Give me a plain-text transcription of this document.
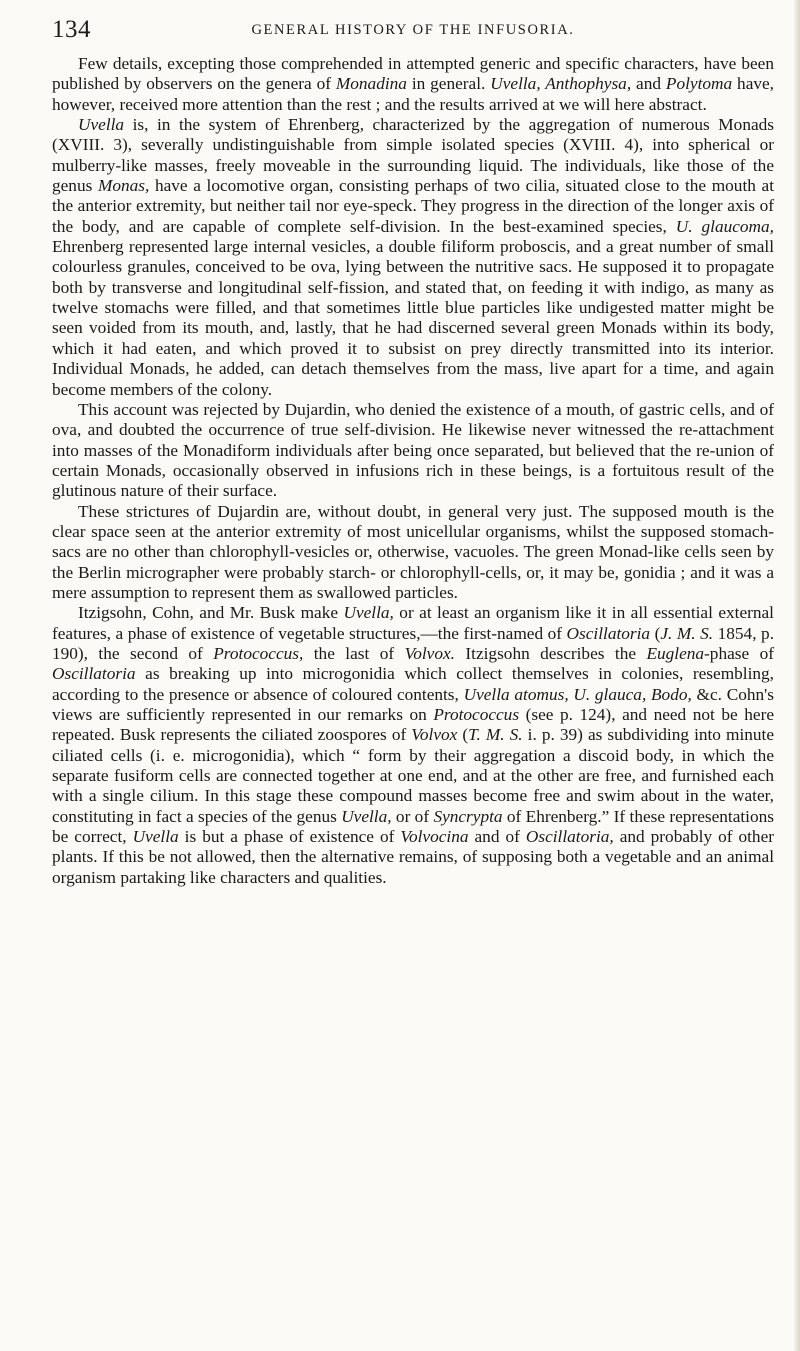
134	GENERAL HISTORY OF THE INFUSORIA.

Few details, excepting those comprehended in attempted generic and specific characters, have been published by observers on the genera of Monadina in general. Uvella, Anthophysa, and Polytoma have, however, received more attention than the rest ; and the results arrived at we will here abstract.

Uvella is, in the system of Ehrenberg, characterized by the aggregation of numerous Monads (XVIII. 3), severally undistinguishable from simple isolated species (XVIII. 4), into spherical or mulberry-like masses, freely moveable in the surrounding liquid. The individuals, like those of the genus Monas, have a locomotive organ, consisting perhaps of two cilia, situated close to the mouth at the anterior extremity, but neither tail nor eye-speck. They progress in the direction of the longer axis of the body, and are capable of complete self-division. In the best-examined species, U. glaucoma, Ehrenberg represented large internal vesicles, a double filiform proboscis, and a great number of small colourless granules, conceived to be ova, lying between the nutritive sacs. He supposed it to propagate both by transverse and longitudinal self-fission, and stated that, on feeding it with indigo, as many as twelve stomachs were filled, and that sometimes little blue particles like undigested matter might be seen voided from its mouth, and, lastly, that he had discerned several green Monads within its body, which it had eaten, and which proved it to subsist on prey directly transmitted into its interior. Individual Monads, he added, can detach themselves from the mass, live apart for a time, and again become members of the colony.

This account was rejected by Dujardin, who denied the existence of a mouth, of gastric cells, and of ova, and doubted the occurrence of true self-division. He likewise never witnessed the re-attachment into masses of the Monadiform individuals after being once separated, but believed that the re-union of certain Monads, occasionally observed in infusions rich in these beings, is a fortuitous result of the glutinous nature of their surface.

These strictures of Dujardin are, without doubt, in general very just. The supposed mouth is the clear space seen at the anterior extremity of most unicellular organisms, whilst the supposed stomach-sacs are no other than chlorophyll-vesicles or, otherwise, vacuoles. The green Monad-like cells seen by the Berlin micrographer were probably starch- or chlorophyll-cells, or, it may be, gonidia ; and it was a mere assumption to represent them as swallowed particles.

Itzigsohn, Cohn, and Mr. Busk make Uvella, or at least an organism like it in all essential external features, a phase of existence of vegetable structures,—the first-named of Oscillatoria (J. M. S. 1854, p. 190), the second of Protococcus, the last of Volvox. Itzigsohn describes the Euglena-phase of Oscillatoria as breaking up into microgonidia which collect themselves in colonies, resembling, according to the presence or absence of coloured contents, Uvella atomus, U. glauca, Bodo, &c. Cohn's views are sufficiently represented in our remarks on Protococcus (see p. 124), and need not be here repeated. Busk represents the ciliated zoospores of Volvox (T. M. S. i. p. 39) as subdividing into minute ciliated cells (i. e. microgonidia), which “ form by their aggregation a discoid body, in which the separate fusiform cells are connected together at one end, and at the other are free, and furnished each with a single cilium. In this stage these compound masses become free and swim about in the water, constituting in fact a species of the genus Uvella, or of Syncrypta of Ehrenberg.” If these representations be correct, Uvella is but a phase of existence of Volvocina and of Oscillatoria, and probably of other plants. If this be not allowed, then the alternative remains, of supposing both a vegetable and an animal organism partaking like characters and qualities.
